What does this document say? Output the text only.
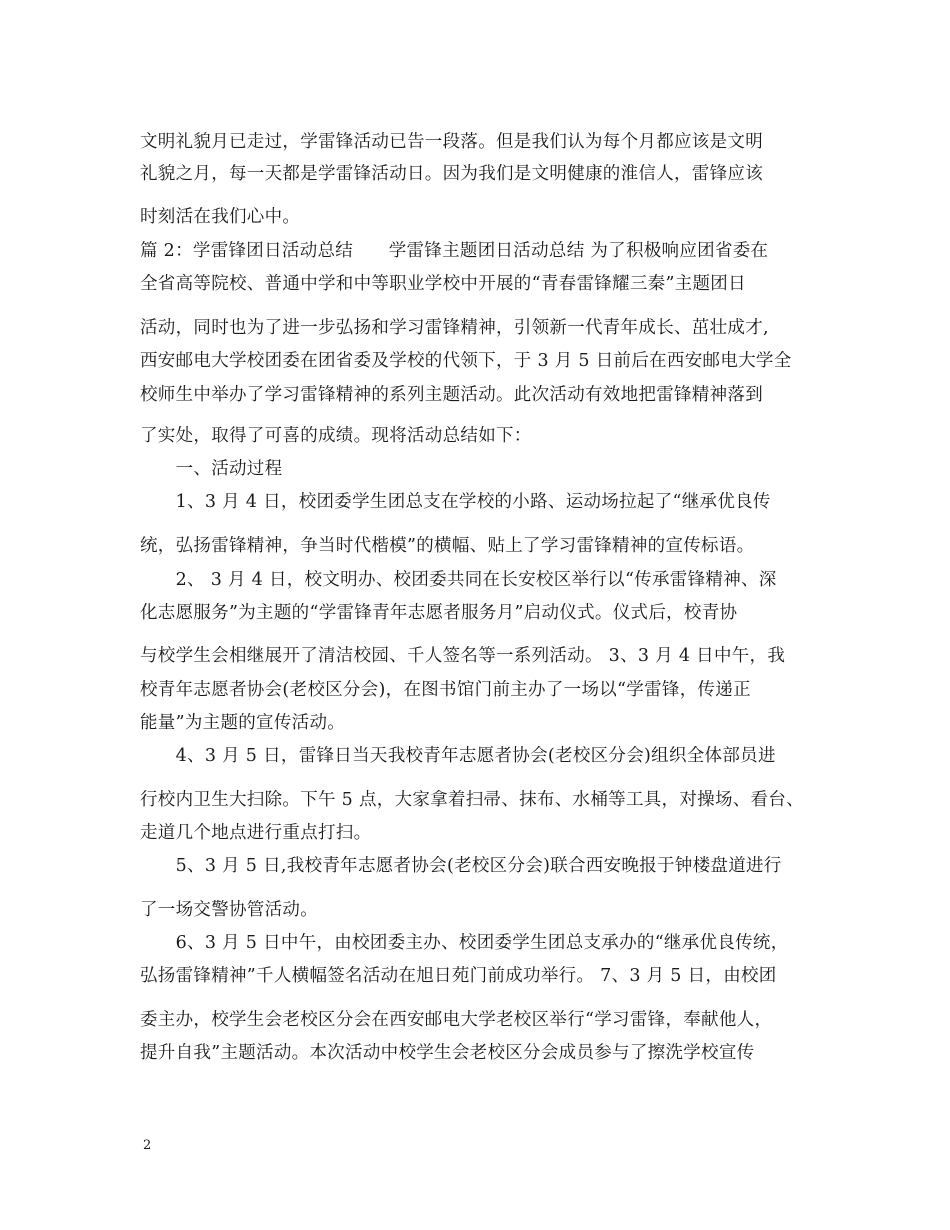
文明礼貌月已走过，学雷锋活动已告一段落。但是我们认为每个月都应该是文明
礼貌之月，每一天都是学雷锋活动日。因为我们是文明健康的淮信人，雷锋应该
时刻活在我们心中。
篇 2：学雷锋团日活动总结　　学雷锋主题团日活动总结 为了积极响应团省委在
全省高等院校、普通中学和中等职业学校中开展的“青春雷锋耀三秦”主题团日
活动，同时也为了进一步弘扬和学习雷锋精神，引领新一代青年成长、茁壮成才,
西安邮电大学校团委在团省委及学校的代领下，于 3 月 5 日前后在西安邮电大学全
校师生中举办了学习雷锋精神的系列主题活动。此次活动有效地把雷锋精神落到
了实处，取得了可喜的成绩。现将活动总结如下：
　　一、活动过程
　　1、3 月 4 日，校团委学生团总支在学校的小路、运动场拉起了“继承优良传
统，弘扬雷锋精神，争当时代楷模”的横幅、贴上了学习雷锋精神的宣传标语。
　　2、 3 月 4 日，校文明办、校团委共同在长安校区举行以“传承雷锋精神、深
化志愿服务”为主题的“学雷锋青年志愿者服务月”启动仪式。仪式后，校青协
与校学生会相继展开了清洁校园、千人签名等一系列活动。 3、3 月 4 日中午，我
校青年志愿者协会(老校区分会)，在图书馆门前主办了一场以“学雷锋，传递正
能量”为主题的宣传活动。
　　4、3 月 5 日，雷锋日当天我校青年志愿者协会(老校区分会)组织全体部员进
行校内卫生大扫除。下午 5 点，大家拿着扫帚、抹布、水桶等工具，对操场、看台、
走道几个地点进行重点打扫。
　　5、3 月 5 日,我校青年志愿者协会(老校区分会)联合西安晚报于钟楼盘道进行
了一场交警协管活动。
　　6、3 月 5 日中午，由校团委主办、校团委学生团总支承办的“继承优良传统，
弘扬雷锋精神”千人横幅签名活动在旭日苑门前成功举行。 7、3 月 5 日，由校团
委主办，校学生会老校区分会在西安邮电大学老校区举行“学习雷锋，奉献他人，
提升自我”主题活动。本次活动中校学生会老校区分会成员参与了擦洗学校宣传
2
